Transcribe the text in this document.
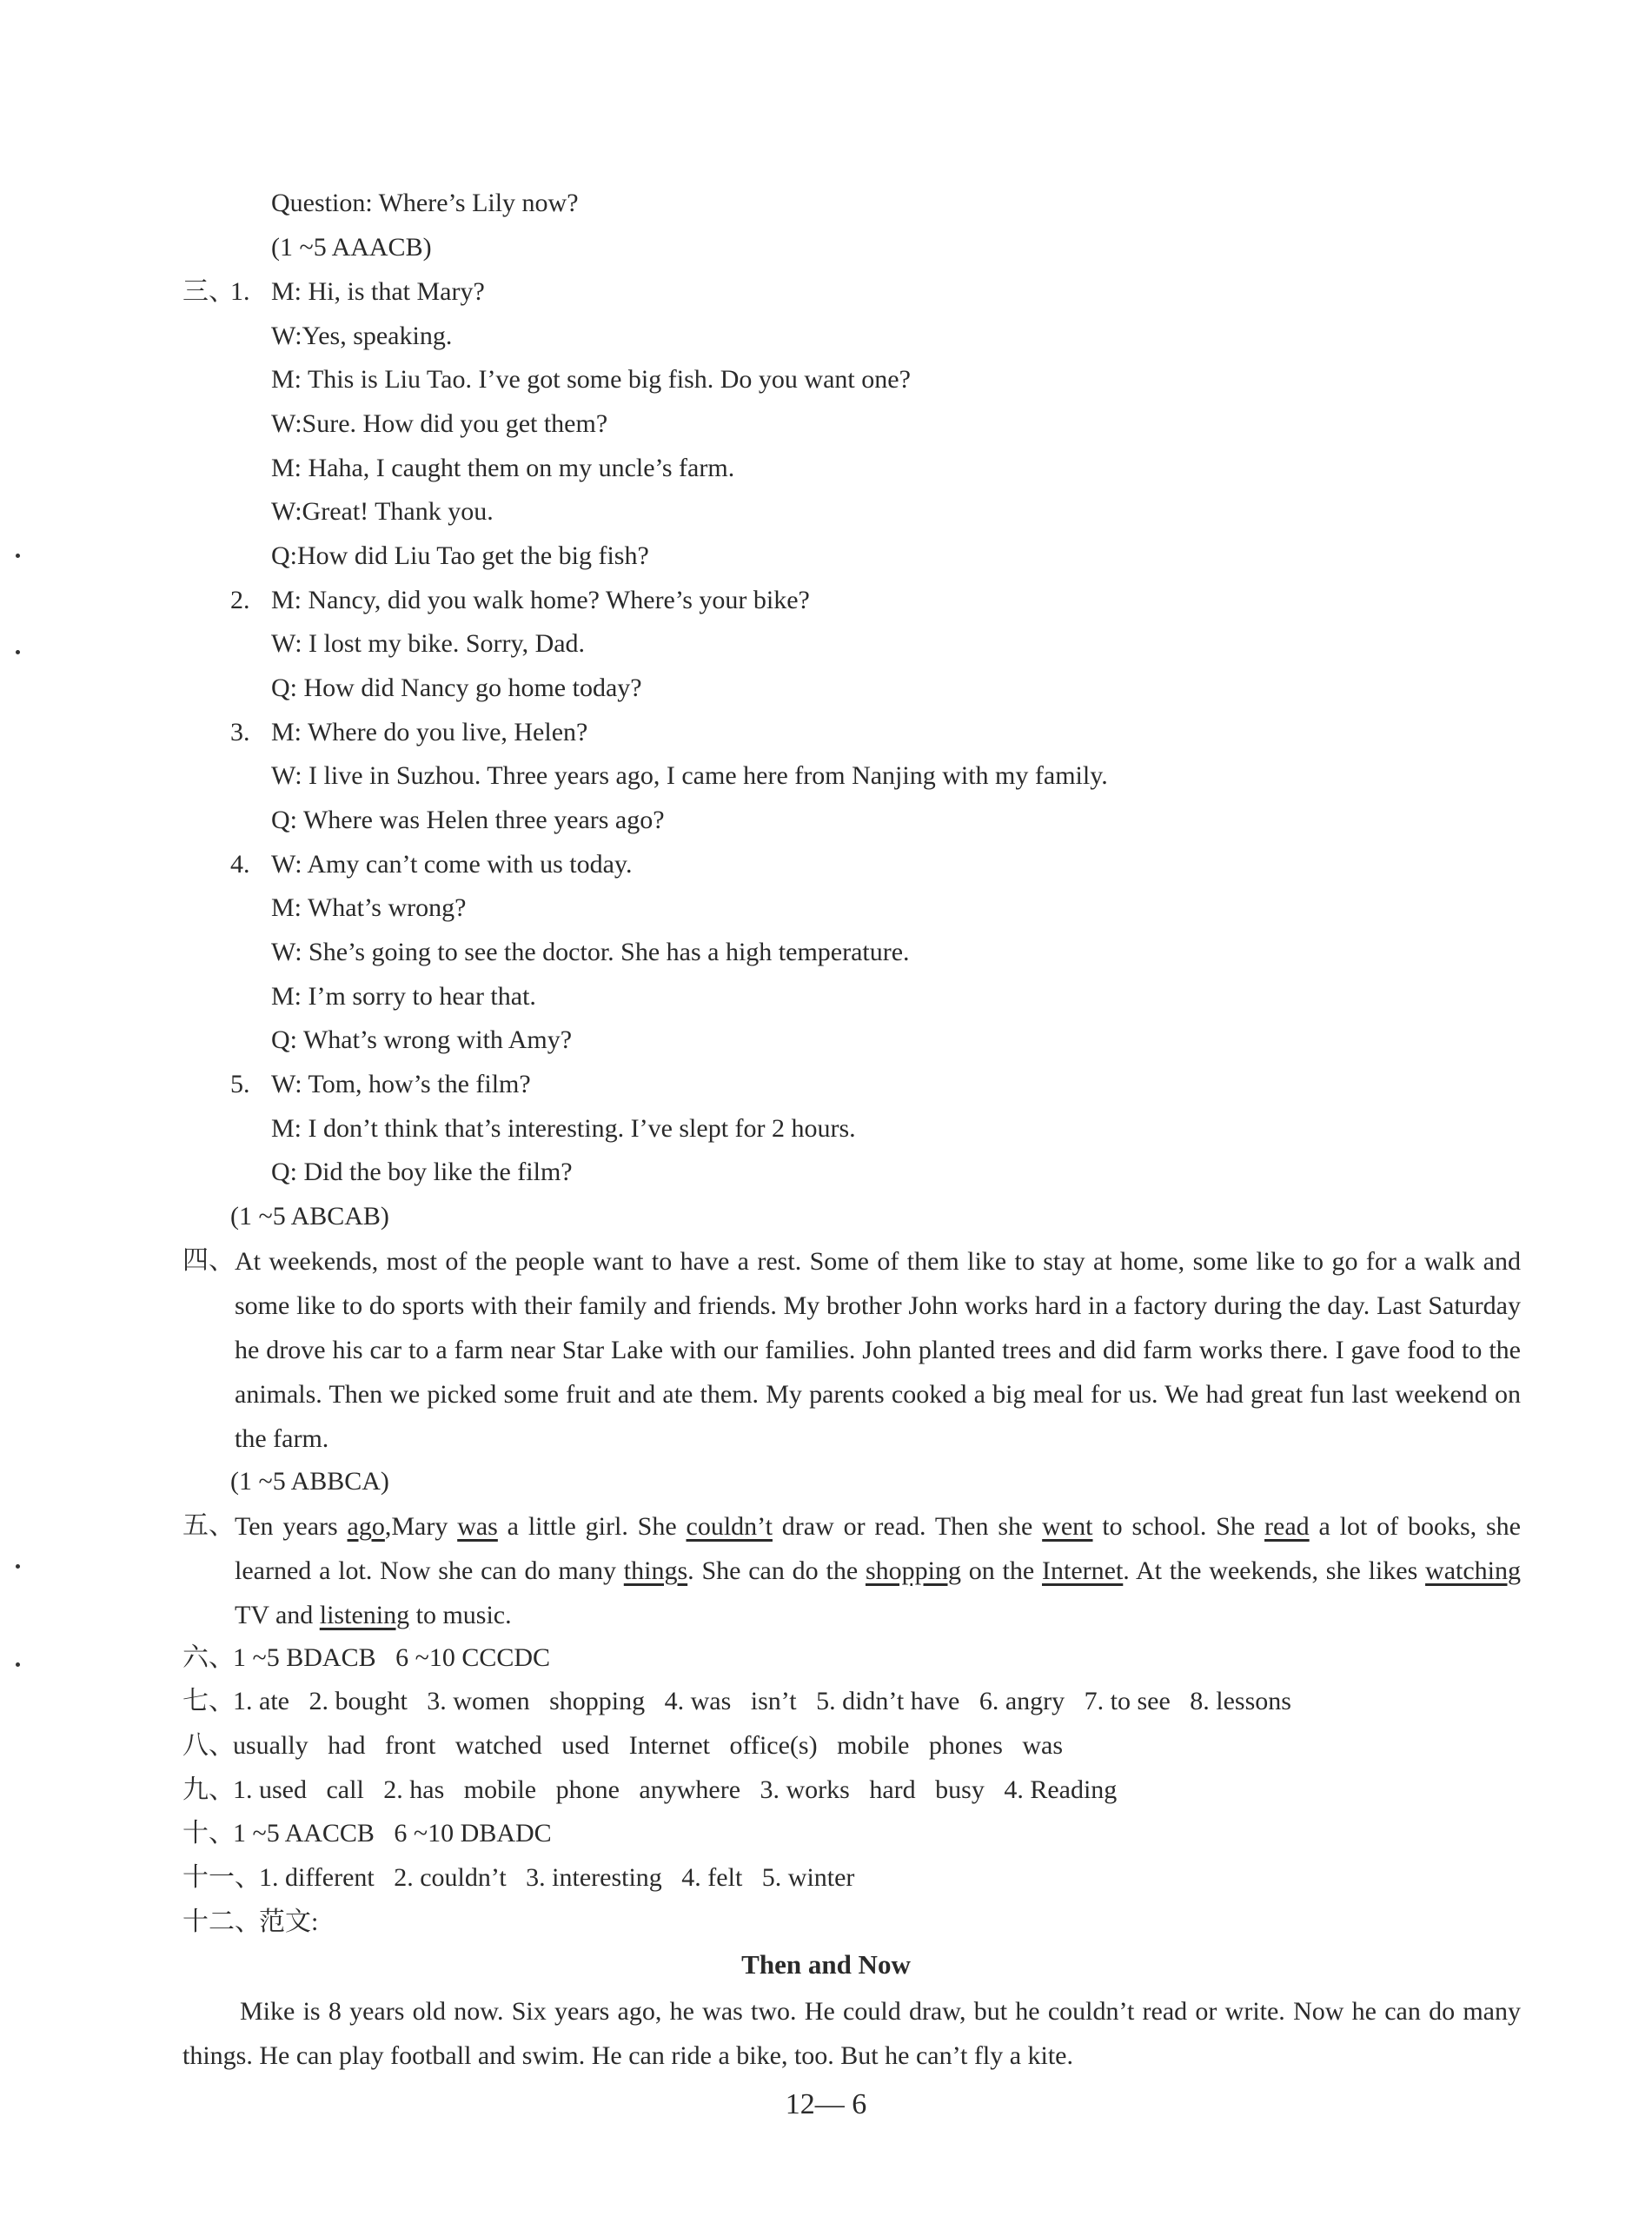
Question: Where’s Lily now?
(1 ~5 AAACB)
三、
1. M: Hi, is that Mary?
W:Yes, speaking.
M: This is Liu Tao. I’ve got some big fish. Do you want one?
W:Sure. How did you get them?
M: Haha, I caught them on my uncle’s farm.
W:Great! Thank you.
Q:How did Liu Tao get the big fish?
2. M: Nancy, did you walk home? Where’s your bike?
W: I lost my bike. Sorry, Dad.
Q: How did Nancy go home today?
3. M: Where do you live, Helen?
W: I live in Suzhou. Three years ago, I came here from Nanjing with my family.
Q: Where was Helen three years ago?
4. W: Amy can’t come with us today.
M: What’s wrong?
W: She’s going to see the doctor. She has a high temperature.
M: I’m sorry to hear that.
Q: What’s wrong with Amy?
5. W: Tom, how’s the film?
M: I don’t think that’s interesting. I’ve slept for 2 hours.
Q: Did the boy like the film?
(1 ~5 ABCAB)
四、 At weekends, most of the people want to have a rest. Some of them like to stay at home, some like to go for a walk and some like to do sports with their family and friends. My brother John works hard in a factory during the day. Last Saturday he drove his car to a farm near Star Lake with our families. John planted trees and did farm works there. I gave food to the animals. Then we picked some fruit and ate them. My parents cooked a big meal for us. We had great fun last weekend on the farm.

(1 ~5 ABBCA)
五、 Ten years ago,Mary was a little girl. She couldn’t draw or read. Then she went to school. She read a lot of books, she learned a lot. Now she can do many things. She can do the shopping on the Internet. At the weekends, she likes watching TV and listening to music.

六、
1 ~5 BDACB   6 ~10 CCCDC
七、
1. ate   2. bought   3. women   shopping   4. was   isn’t   5. didn’t have   6. angry   7. to see   8. lessons
八、
usually   had   front   watched   used   Internet   office(s)   mobile   phones   was
九、
1. used   call   2. has   mobile   phone   anywhere   3. works   hard   busy   4. Reading
十、
1 ~5 AACCB   6 ~10 DBADC
十一、
1. different   2. couldn’t   3. interesting   4. felt   5. winter
十二、
范文:
Then and Now

Mike is 8 years old now. Six years ago, he was two. He could draw, but he couldn’t read or write. Now he can do many things. He can play football and swim. He can ride a bike, too. But he can’t fly a kite.

12— 6
